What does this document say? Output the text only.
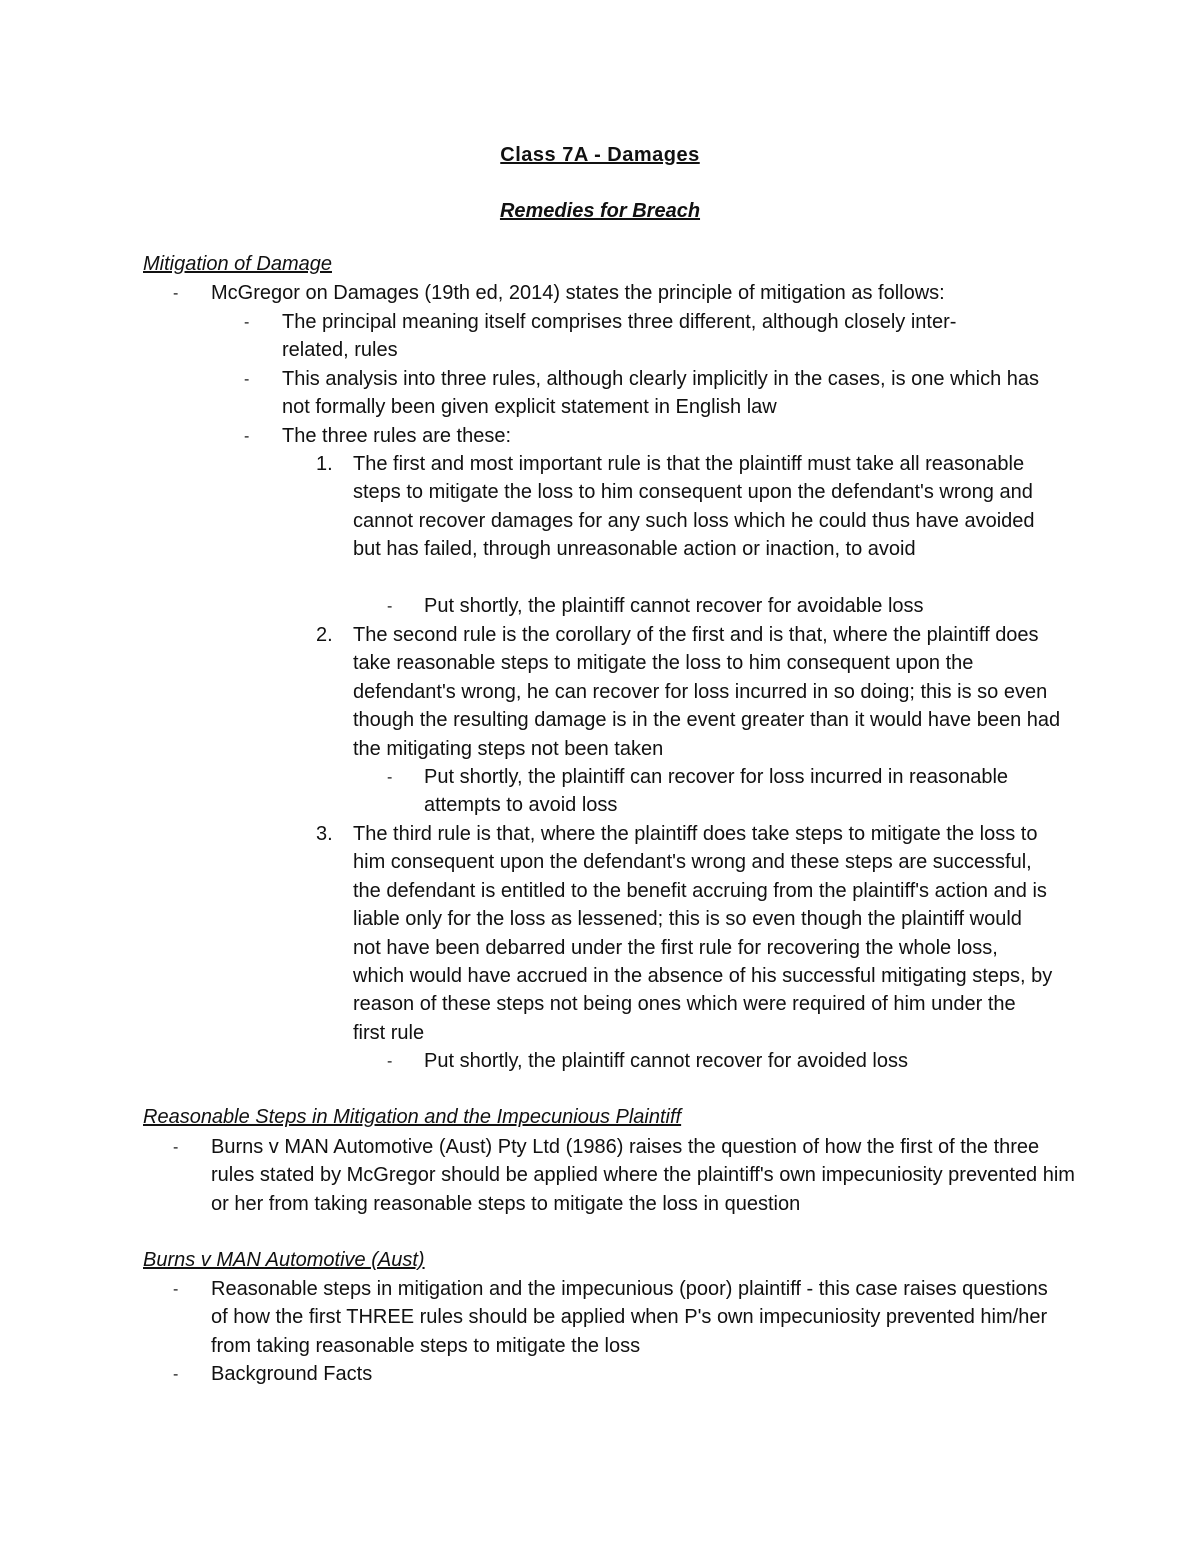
Class 7A - Damages
Remedies for Breach
Mitigation of Damage
- McGregor on Damages (19th ed, 2014) states the principle of mitigation as follows:
- The principal meaning itself comprises three different, although closely inter-related, rules
- This analysis into three rules, although clearly implicitly in the cases, is one which has not formally been given explicit statement in English law
- The three rules are these:
1. The first and most important rule is that the plaintiff must take all reasonable steps to mitigate the loss to him consequent upon the defendant's wrong and cannot recover damages for any such loss which he could thus have avoided but has failed, through unreasonable action or inaction, to avoid
- Put shortly, the plaintiff cannot recover for avoidable loss
2. The second rule is the corollary of the first and is that, where the plaintiff does take reasonable steps to mitigate the loss to him consequent upon the defendant's wrong, he can recover for loss incurred in so doing; this is so even though the resulting damage is in the event greater than it would have been had the mitigating steps not been taken
- Put shortly, the plaintiff can recover for loss incurred in reasonable attempts to avoid loss
3. The third rule is that, where the plaintiff does take steps to mitigate the loss to him consequent upon the defendant's wrong and these steps are successful, the defendant is entitled to the benefit accruing from the plaintiff's action and is liable only for the loss as lessened; this is so even though the plaintiff would not have been debarred under the first rule for recovering the whole loss, which would have accrued in the absence of his successful mitigating steps, by reason of these steps not being ones which were required of him under the first rule
- Put shortly, the plaintiff cannot recover for avoided loss
Reasonable Steps in Mitigation and the Impecunious Plaintiff
- Burns v MAN Automotive (Aust) Pty Ltd (1986) raises the question of how the first of the three rules stated by McGregor should be applied where the plaintiff's own impecuniosity prevented him or her from taking reasonable steps to mitigate the loss in question
Burns v MAN Automotive (Aust)
- Reasonable steps in mitigation and the impecunious (poor) plaintiff - this case raises questions of how the first THREE rules should be applied when P's own impecuniosity prevented him/her from taking reasonable steps to mitigate the loss
- Background Facts
